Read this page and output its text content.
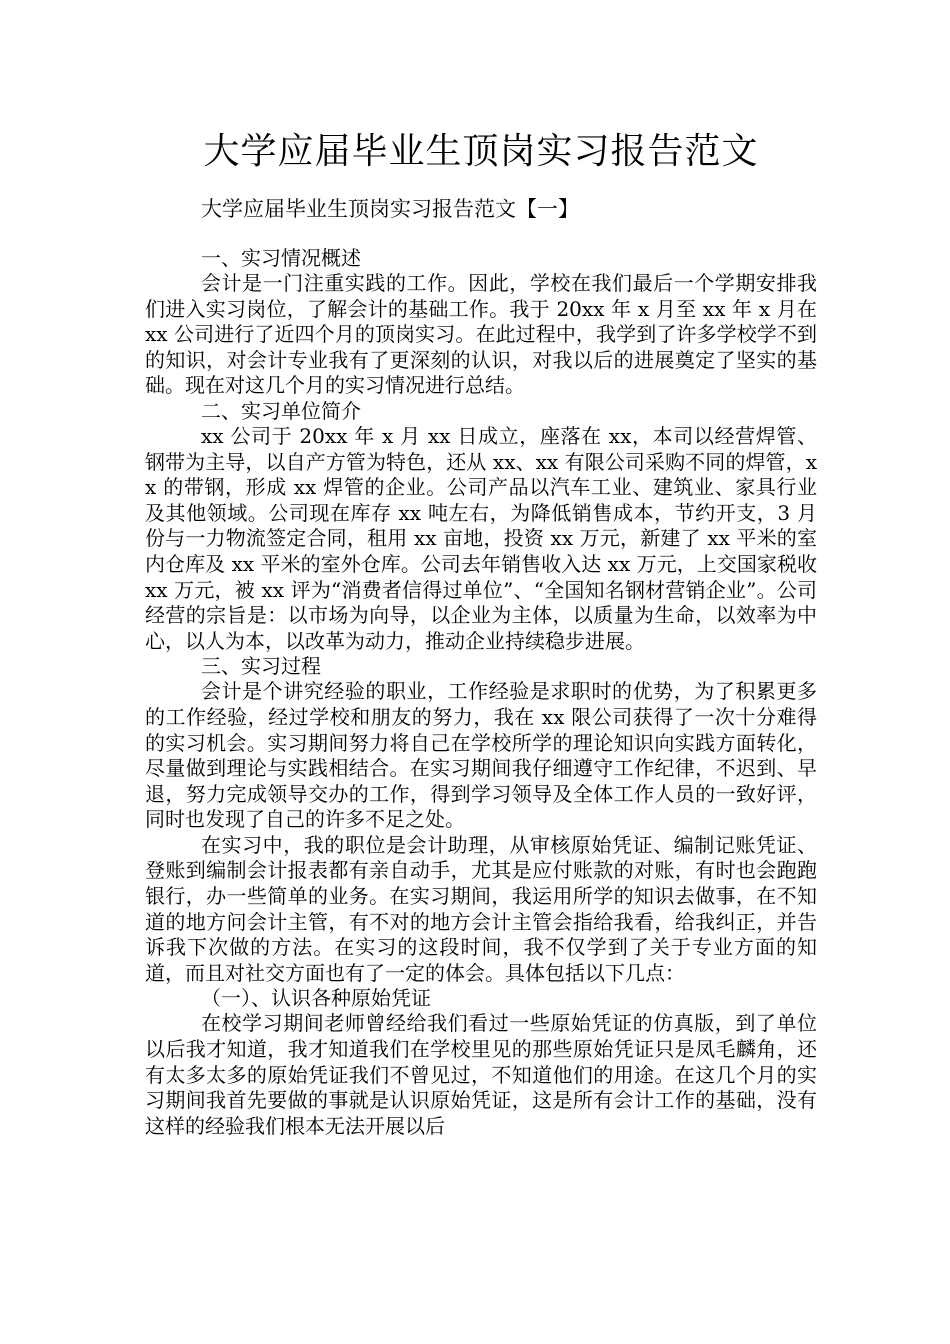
大学应届毕业生顶岗实习报告范文

大学应届毕业生顶岗实习报告范文【一】

一、实习情况概述

会计是一门注重实践的工作。因此，学校在我们最后一个学期安排我们进入实习岗位，了解会计的基础工作。我于 20xx 年 x 月至 xx 年 x 月在 xx 公司进行了近四个月的顶岗实习。在此过程中，我学到了许多学校学不到的知识，对会计专业我有了更深刻的认识，对我以后的进展奠定了坚实的基础。现在对这几个月的实习情况进行总结。

二、实习单位简介

xx 公司于 20xx 年 x 月 xx 日成立，座落在 xx，本司以经营焊管、钢带为主导，以自产方管为特色，还从 xx、xx 有限公司采购不同的焊管，xx 的带钢，形成 xx 焊管的企业。公司产品以汽车工业、建筑业、家具行业及其他领域。公司现在库存 xx 吨左右，为降低销售成本，节约开支，3 月份与一力物流签定合同，租用 xx 亩地，投资 xx 万元，新建了 xx 平米的室内仓库及 xx 平米的室外仓库。公司去年销售收入达 xx 万元，上交国家税收 xx 万元，被 xx 评为“消费者信得过单位”、“全国知名钢材营销企业”。公司经营的宗旨是：以市场为向导，以企业为主体，以质量为生命，以效率为中心，以人为本，以改革为动力，推动企业持续稳步进展。

三、实习过程

会计是个讲究经验的职业，工作经验是求职时的优势，为了积累更多的工作经验，经过学校和朋友的努力，我在 xx 限公司获得了一次十分难得的实习机会。实习期间努力将自己在学校所学的理论知识向实践方面转化，尽量做到理论与实践相结合。在实习期间我仔细遵守工作纪律，不迟到、早退，努力完成领导交办的工作，得到学习领导及全体工作人员的一致好评，同时也发现了自己的许多不足之处。

在实习中，我的职位是会计助理，从审核原始凭证、编制记账凭证、登账到编制会计报表都有亲自动手，尤其是应付账款的对账，有时也会跑跑银行，办一些简单的业务。在实习期间，我运用所学的知识去做事，在不知道的地方问会计主管，有不对的地方会计主管会指给我看，给我纠正，并告诉我下次做的方法。在实习的这段时间，我不仅学到了关于专业方面的知道，而且对社交方面也有了一定的体会。具体包括以下几点：

（一）、认识各种原始凭证

在校学习期间老师曾经给我们看过一些原始凭证的仿真版，到了单位以后我才知道，我才知道我们在学校里见的那些原始凭证只是凤毛麟角，还有太多太多的原始凭证我们不曾见过，不知道他们的用途。在这几个月的实习期间我首先要做的事就是认识原始凭证，这是所有会计工作的基础，没有这样的经验我们根本无法开展以后
